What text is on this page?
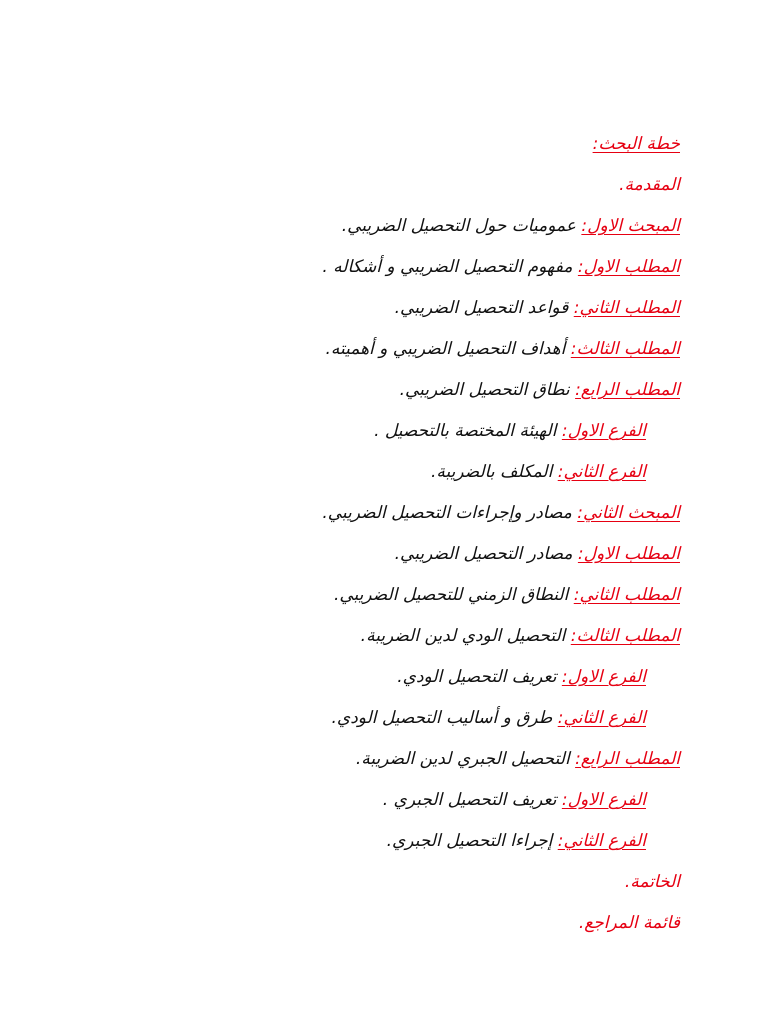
خطة البحث:
المقدمة.
المبحث الاول: عموميات حول التحصيل الضريبي.
المطلب الاول: مفهوم التحصيل الضريبي و أشكاله .
المطلب الثاني: قواعد التحصيل الضريبي.
المطلب الثالث: أهداف التحصيل الضريبي و أهميته.
المطلب الرابع: نطاق التحصيل الضريبي.
الفرع الاول: الهيئة المختصة بالتحصيل .
الفرع الثاني: المكلف بالضريبة.
المبحث الثاني: مصادر وإجراءات التحصيل الضريبي.
المطلب الاول: مصادر التحصيل الضريبي.
المطلب الثاني: النطاق الزمني للتحصيل الضريبي.
المطلب الثالث: التحصيل الودي لدين الضريبة.
الفرع الاول: تعريف التحصيل الودي.
الفرع الثاني: طرق و أساليب التحصيل الودي.
المطلب الرابع: التحصيل الجبري لدين الضريبة.
الفرع الاول: تعريف التحصيل الجبري .
الفرع الثاني: إجراءا التحصيل الجبري.
الخاتمة.
قائمة المراجع.
